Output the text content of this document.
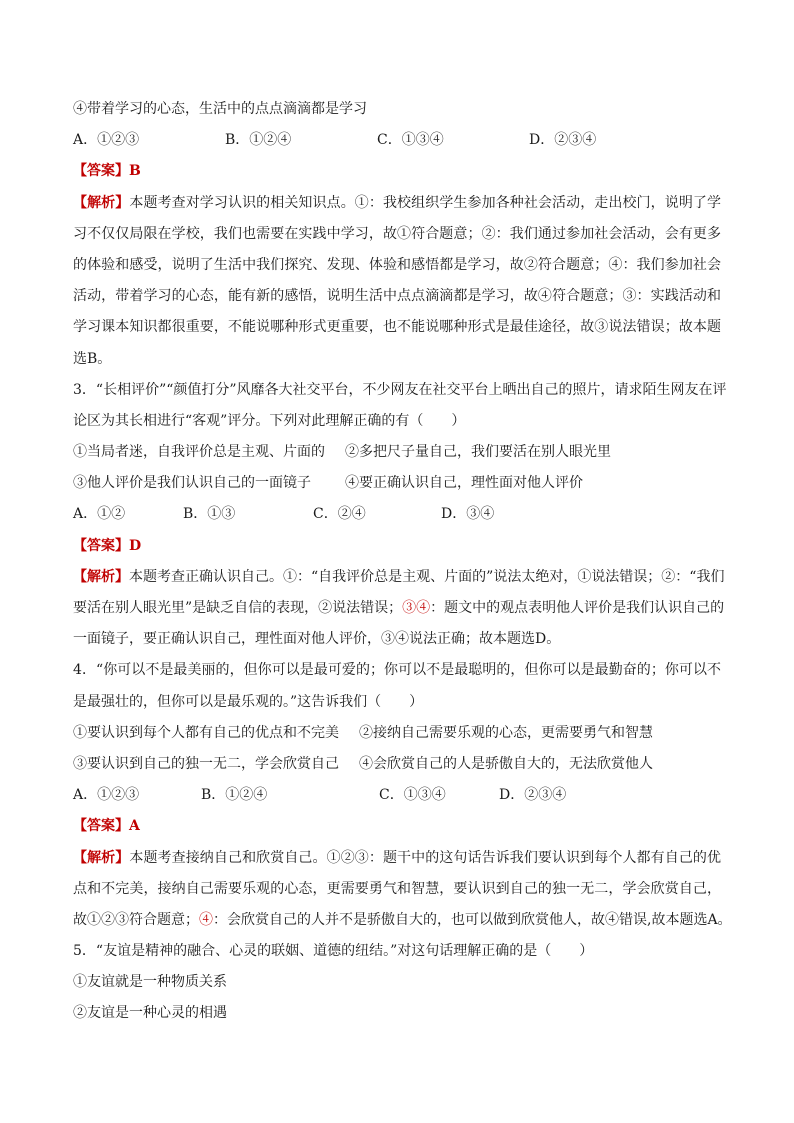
④带着学习的心态，生活中的点点滴滴都是学习
A．①②③	B．①②④	C．①③④	D．②③④
【答案】B
【解析】本题考查对学习认识的相关知识点。①：我校组织学生参加各种社会活动，走出校门，说明了学
习不仅仅局限在学校，我们也需要在实践中学习，故①符合题意；②：我们通过参加社会活动，会有更多
的体验和感受，说明了生活中我们探究、发现、体验和感悟都是学习，故②符合题意；④：我们参加社会
活动，带着学习的心态，能有新的感悟，说明生活中点点滴滴都是学习，故④符合题意；③：实践活动和
学习课本知识都很重要，不能说哪种形式更重要，也不能说哪种形式是最佳途径，故③说法错误；故本题
选B。
3．“长相评价”“颜值打分”风靡各大社交平台，不少网友在社交平台上晒出自己的照片，请求陌生网友在评
论区为其长相进行“客观”评分。下列对此理解正确的有（　　）
①当局者迷，自我评价总是主观、片面的 ②多把尺子量自己，我们要活在别人眼光里
③他人评价是我们认识自己的一面镜子 ④要正确认识自己，理性面对他人评价
A．①②	B．①③	C．②④	D．③④
【答案】D
【解析】本题考查正确认识自己。①：“自我评价总是主观、片面的”说法太绝对，①说法错误；②：“我们
要活在别人眼光里”是缺乏自信的表现，②说法错误；③④：题文中的观点表明他人评价是我们认识自己的
一面镜子，要正确认识自己，理性面对他人评价，③④说法正确；故本题选D。
4．“你可以不是最美丽的，但你可以是最可爱的；你可以不是最聪明的，但你可以是最勤奋的；你可以不
是最强壮的，但你可以是最乐观的。”这告诉我们（　　）
①要认识到每个人都有自己的优点和不完美 ②接纳自己需要乐观的心态，更需要勇气和智慧
③要认识到自己的独一无二，学会欣赏自己 ④会欣赏自己的人是骄傲自大的，无法欣赏他人
A．①②③	B．①②④	C．①③④	D．②③④
【答案】A
【解析】本题考查接纳自己和欣赏自己。①②③：题干中的这句话告诉我们要认识到每个人都有自己的优
点和不完美，接纳自己需要乐观的心态，更需要勇气和智慧，要认识到自己的独一无二，学会欣赏自己，
故①②③符合题意；④：会欣赏自己的人并不是骄傲自大的，也可以做到欣赏他人，故④错误,故本题选A。
5．“友谊是精神的融合、心灵的联姻、道德的纽结。”对这句话理解正确的是（　　）
①友谊就是一种物质关系
②友谊是一种心灵的相遇
